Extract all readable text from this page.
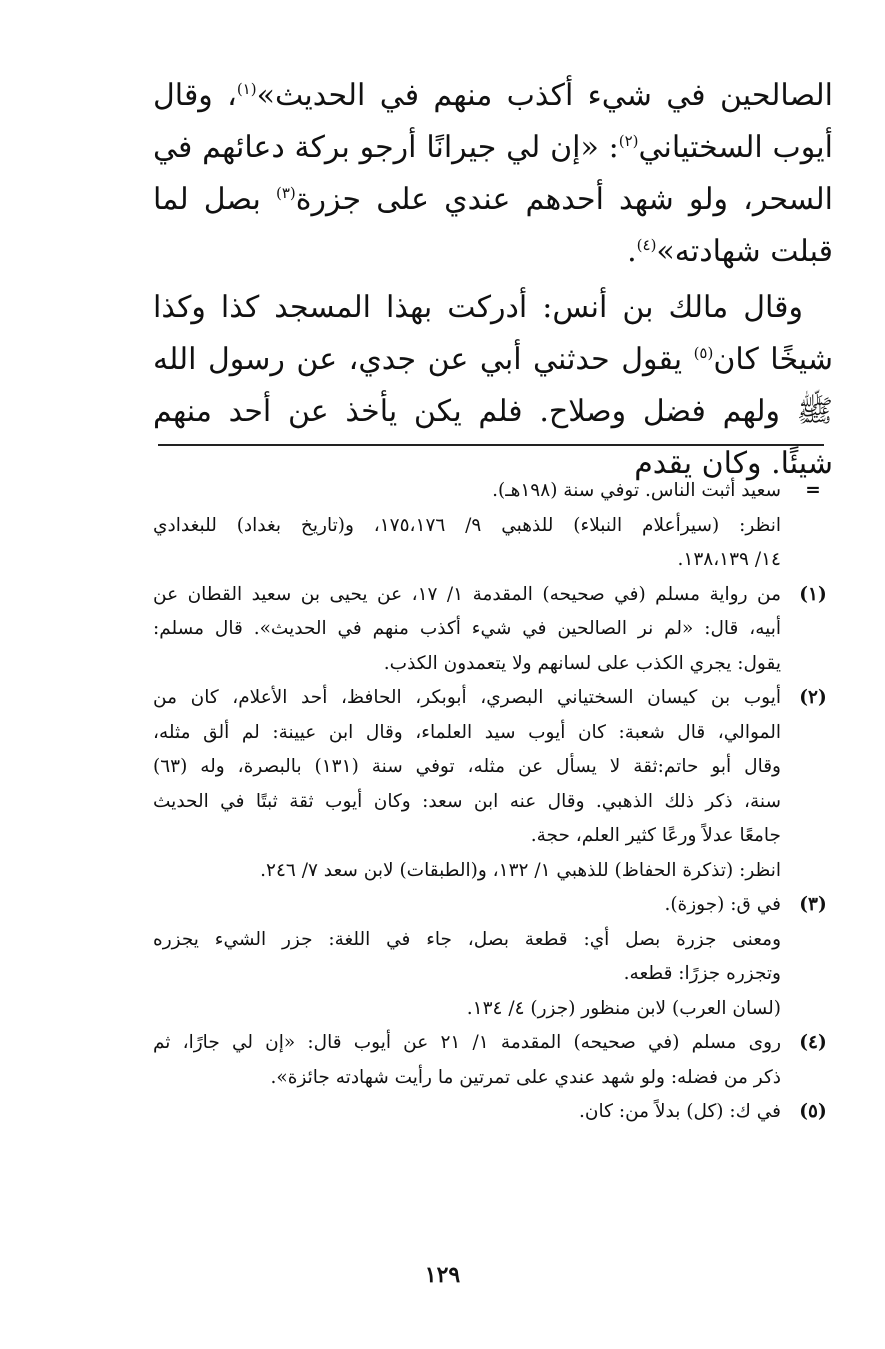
الصالحين في شيء أكذب منهم في الحديث»$^{(١)}$، وقال أيوب السختياني$^{(٢)}$: «إن لي جيرانًا أرجو بركة دعائهم في السحر، ولو شهد أحدهم عندي على جزرة$^{(٣)}$ بصل لما قبلت شهادته»$^{(٤)}$.

وقال مالك بن أنس: أدركت بهذا المسجد كذا وكذا شيخًا كان$^{(٥)}$ يقول حدثني أبي عن جدي، عن رسول الله ﷺ ولهم فضل وصلاح. فلم يكن يأخذ عن أحد منهم شيئًا. وكان يقدم

=
سعيد أثبت الناس. توفي سنة (١٩٨هـ).
انظر: (سيرأعلام النبلاء) للذهبي ٩/ ١٧٥،١٧٦، و(تاريخ بغداد) للبغدادي
١٤/ ١٣٨،١٣٩.
(١)
من رواية مسلم (في صحيحه) المقدمة ١/ ١٧، عن يحيى بن سعيد القطان عن
أبيه، قال: «لم نر الصالحين في شيء أكذب منهم في الحديث». قال مسلم:
يقول: يجري الكذب على لسانهم ولا يتعمدون الكذب.
(٢)
أيوب بن كيسان السختياني البصري، أبوبكر، الحافظ، أحد الأعلام، كان من
الموالي، قال شعبة: كان أيوب سيد العلماء، وقال ابن عيينة: لم ألق مثله،
وقال أبو حاتم:ثقة لا يسأل عن مثله، توفي سنة (١٣١) بالبصرة، وله (٦٣)
سنة، ذكر ذلك الذهبي. وقال عنه ابن سعد: وكان أيوب ثقة ثبتًا في الحديث
جامعًا عدلاً ورعًا كثير العلم، حجة.
انظر: (تذكرة الحفاظ) للذهبي ١/ ١٣٢، و(الطبقات) لابن سعد ٧/ ٢٤٦.
(٣)
في ق: (جوزة).
ومعنى جزرة بصل أي: قطعة بصل، جاء في اللغة: جزر الشيء يجزره
وتجزره جزرًا: قطعه.
(لسان العرب) لابن منظور (جزر) ٤/ ١٣٤.
(٤)
روى مسلم (في صحيحه) المقدمة ١/ ٢١ عن أيوب قال: «إن لي جارًا، ثم
ذكر من فضله: ولو شهد عندي على تمرتين ما رأيت شهادته جائزة».
(٥)
في ك: (كل) بدلاً من: كان.
١٢٩
